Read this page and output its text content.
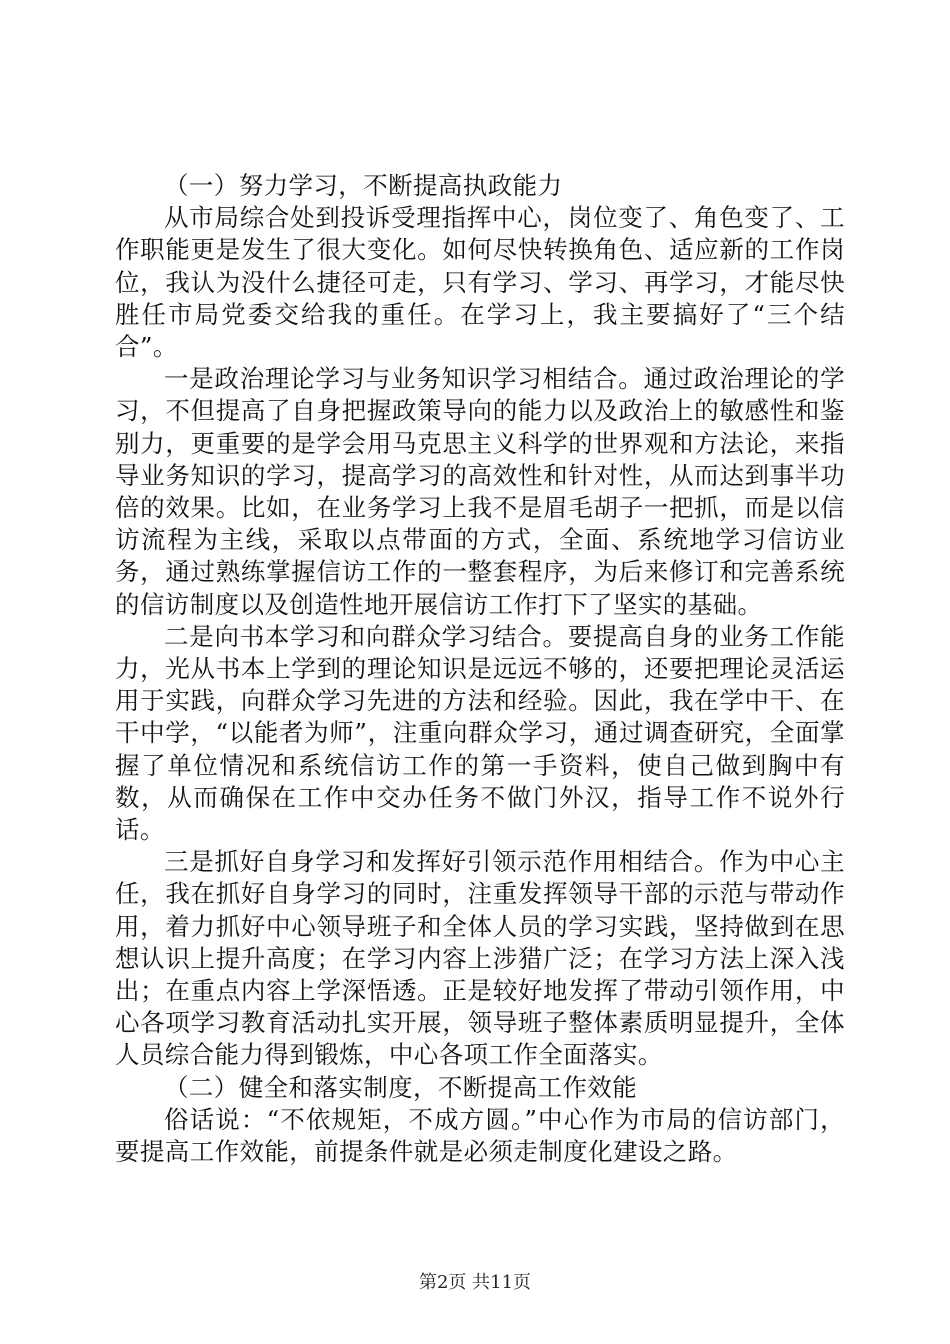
（一）努力学习，不断提高执政能力

从市局综合处到投诉受理指挥中心，岗位变了、角色变了、工作职能更是发生了很大变化。如何尽快转换角色、适应新的工作岗位，我认为没什么捷径可走，只有学习、学习、再学习，才能尽快胜任市局党委交给我的重任。在学习上，我主要搞好了“三个结合”。

一是政治理论学习与业务知识学习相结合。通过政治理论的学习，不但提高了自身把握政策导向的能力以及政治上的敏感性和鉴别力，更重要的是学会用马克思主义科学的世界观和方法论，来指导业务知识的学习，提高学习的高效性和针对性，从而达到事半功倍的效果。比如，在业务学习上我不是眉毛胡子一把抓，而是以信访流程为主线，采取以点带面的方式，全面、系统地学习信访业务，通过熟练掌握信访工作的一整套程序，为后来修订和完善系统的信访制度以及创造性地开展信访工作打下了坚实的基础。

二是向书本学习和向群众学习结合。要提高自身的业务工作能力，光从书本上学到的理论知识是远远不够的，还要把理论灵活运用于实践，向群众学习先进的方法和经验。因此，我在学中干、在干中学，“以能者为师”，注重向群众学习，通过调查研究，全面掌握了单位情况和系统信访工作的第一手资料，使自己做到胸中有数，从而确保在工作中交办任务不做门外汉，指导工作不说外行话。

三是抓好自身学习和发挥好引领示范作用相结合。作为中心主任，我在抓好自身学习的同时，注重发挥领导干部的示范与带动作用，着力抓好中心领导班子和全体人员的学习实践，坚持做到在思想认识上提升高度；在学习内容上涉猎广泛；在学习方法上深入浅出；在重点内容上学深悟透。正是较好地发挥了带动引领作用，中心各项学习教育活动扎实开展，领导班子整体素质明显提升，全体人员综合能力得到锻炼，中心各项工作全面落实。

（二）健全和落实制度，不断提高工作效能

俗话说：“不依规矩，不成方圆。”中心作为市局的信访部门，要提高工作效能，前提条件就是必须走制度化建设之路。

第2页 共11页
